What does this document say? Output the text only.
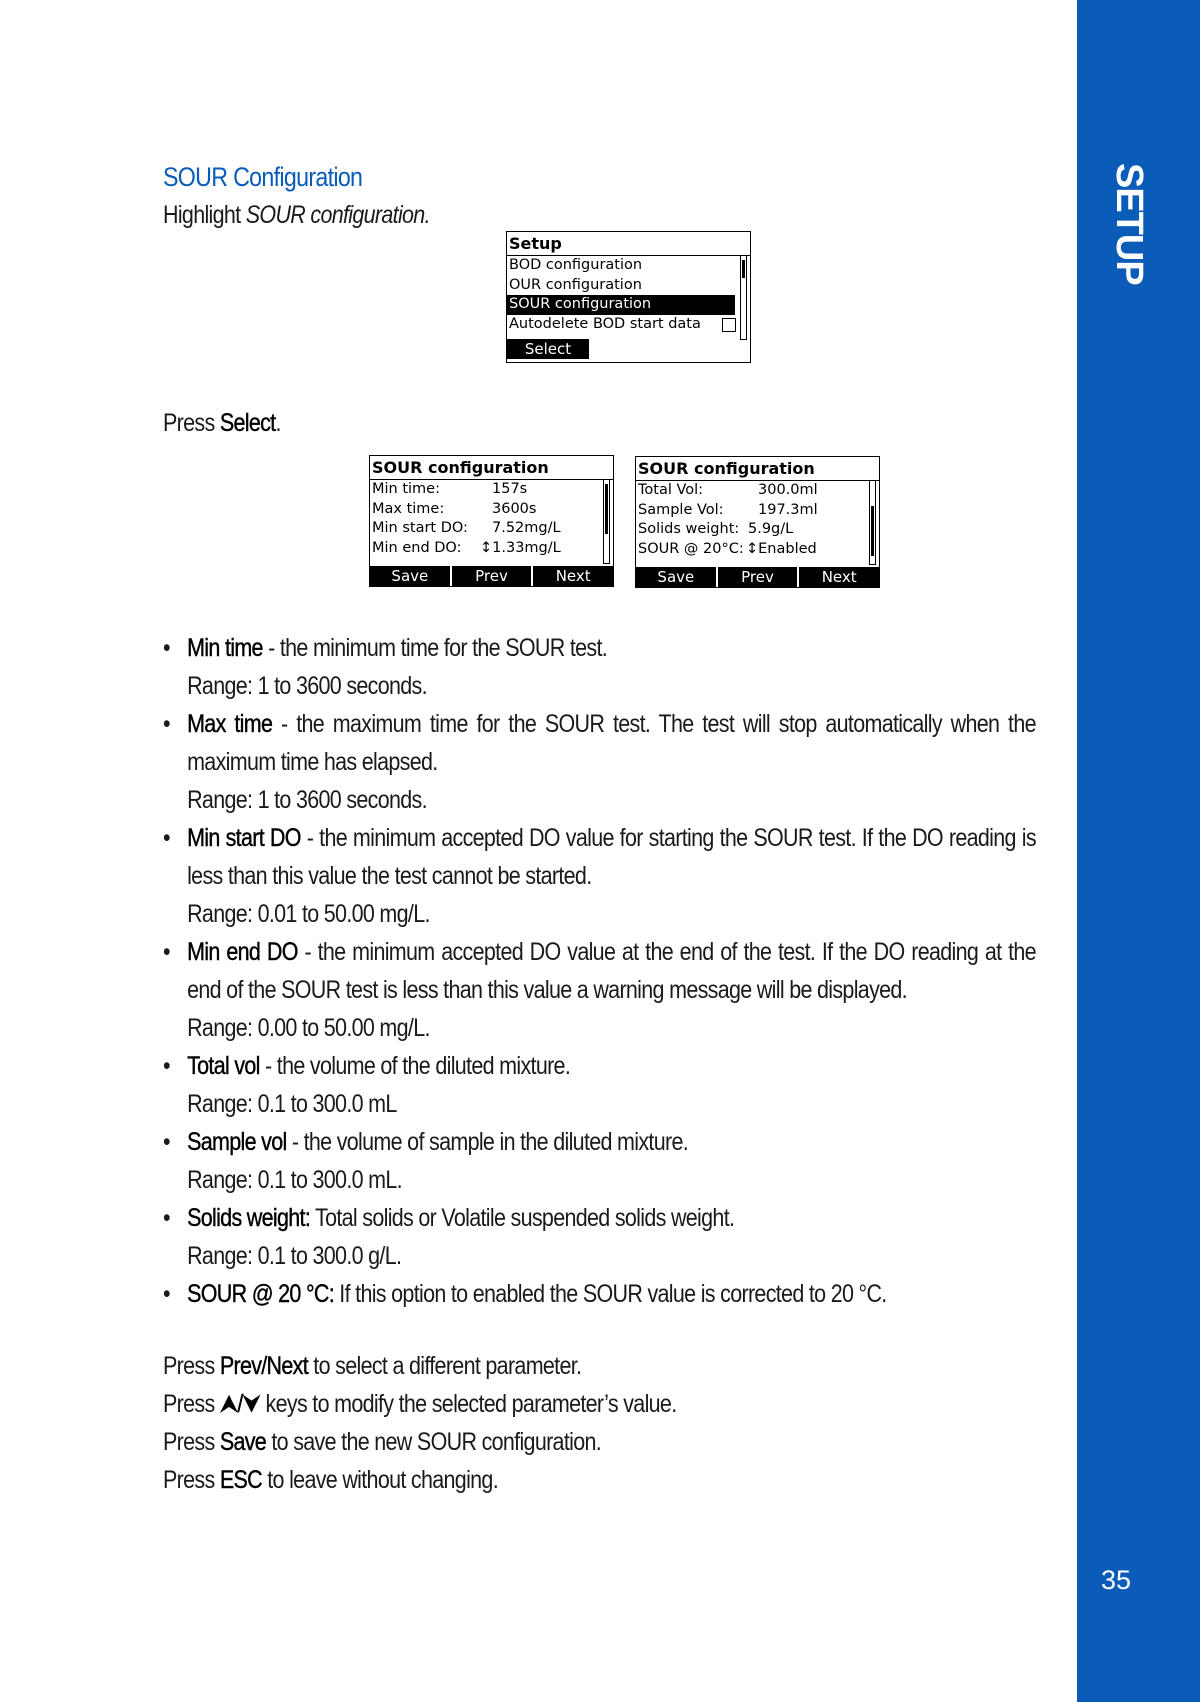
SETUP
35
SOUR Configuration
Highlight SOUR configuration.
Setup
BOD configuration
OUR configuration
SOUR configuration
Autodelete BOD start data
Select
Press Select.
SOUR configuration
Min time:	157s
Max time:	3600s
Min start DO: 7.52mg/L
Min end DO: ↕1.33mg/L
Save	Prev	Next
SOUR configuration
Total Vol:	300.0ml
Sample Vol: 197.3ml
Solids weight: 5.9g/L
SOUR @ 20°C: ↕Enabled
Save	Prev	Next
• Min time - the minimum time for the SOUR test.
Range: 1 to 3600 seconds.
• Max time - the maximum time for the SOUR test. The test will stop automatically when the maximum time has elapsed.
Range: 1 to 3600 seconds.
• Min start DO - the minimum accepted DO value for starting the SOUR test. If the DO reading is less than this value the test cannot be started.
Range: 0.01 to 50.00 mg/L.
• Min end DO - the minimum accepted DO value at the end of the test. If the DO reading at the end of the SOUR test is less than this value a warning message will be displayed.
Range: 0.00 to 50.00 mg/L.
• Total vol - the volume of the diluted mixture.
Range: 0.1 to 300.0 mL
• Sample vol - the volume of sample in the diluted mixture.
Range: 0.1 to 300.0 mL.
• Solids weight: Total solids or Volatile suspended solids weight.
Range: 0.1 to 300.0 g/L.
• SOUR @ 20 °C: If this option to enabled the SOUR value is corrected to 20 °C.
Press Prev/Next to select a different parameter.
Press ⮝/⮟ keys to modify the selected parameter’s value.
Press Save to save the new SOUR configuration.
Press ESC to leave without changing.
